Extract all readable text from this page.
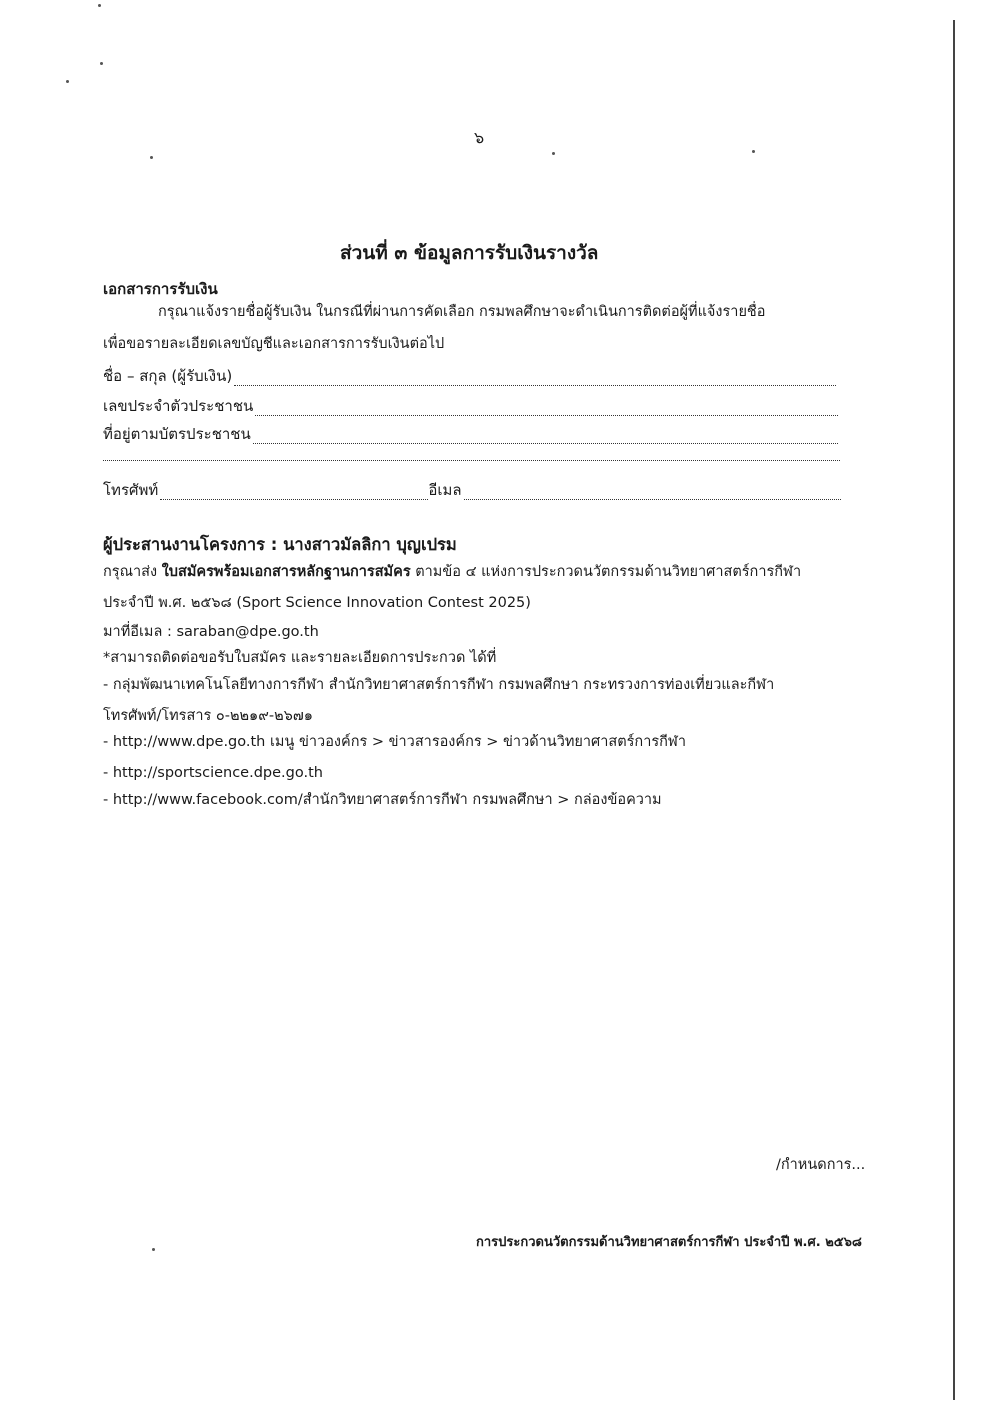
๖
ส่วนที่ ๓ ข้อมูลการรับเงินรางวัล
เอกสารการรับเงิน
กรุณาแจ้งรายชื่อผู้รับเงิน ในกรณีที่ผ่านการคัดเลือก กรมพลศึกษาจะดำเนินการติดต่อผู้ที่แจ้งรายชื่อ
เพื่อขอรายละเอียดเลขบัญชีและเอกสารการรับเงินต่อไป
ชื่อ – สกุล (ผู้รับเงิน)
เลขประจำตัวประชาชน
ที่อยู่ตามบัตรประชาชน
โทรศัพท์	อีเมล
ผู้ประสานงานโครงการ : นางสาวมัลลิกา บุญเปรม
กรุณาส่ง ใบสมัครพร้อมเอกสารหลักฐานการสมัคร ตามข้อ ๔ แห่งการประกวดนวัตกรรมด้านวิทยาศาสตร์การกีฬา
ประจำปี พ.ศ. ๒๕๖๘ (Sport Science Innovation Contest 2025)
มาที่อีเมล : saraban@dpe.go.th
*สามารถติดต่อขอรับใบสมัคร และรายละเอียดการประกวด ได้ที่
- กลุ่มพัฒนาเทคโนโลยีทางการกีฬา สำนักวิทยาศาสตร์การกีฬา กรมพลศึกษา กระทรวงการท่องเที่ยวและกีฬา
โทรศัพท์/โทรสาร ๐-๒๒๑๙-๒๖๗๑
- http://www.dpe.go.th เมนู ข่าวองค์กร > ข่าวสารองค์กร > ข่าวด้านวิทยาศาสตร์การกีฬา
- http://sportscience.dpe.go.th
- http://www.facebook.com/สำนักวิทยาศาสตร์การกีฬา กรมพลศึกษา > กล่องข้อความ
/กำหนดการ...
การประกวดนวัตกรรมด้านวิทยาศาสตร์การกีฬา ประจำปี พ.ศ. ๒๕๖๘
